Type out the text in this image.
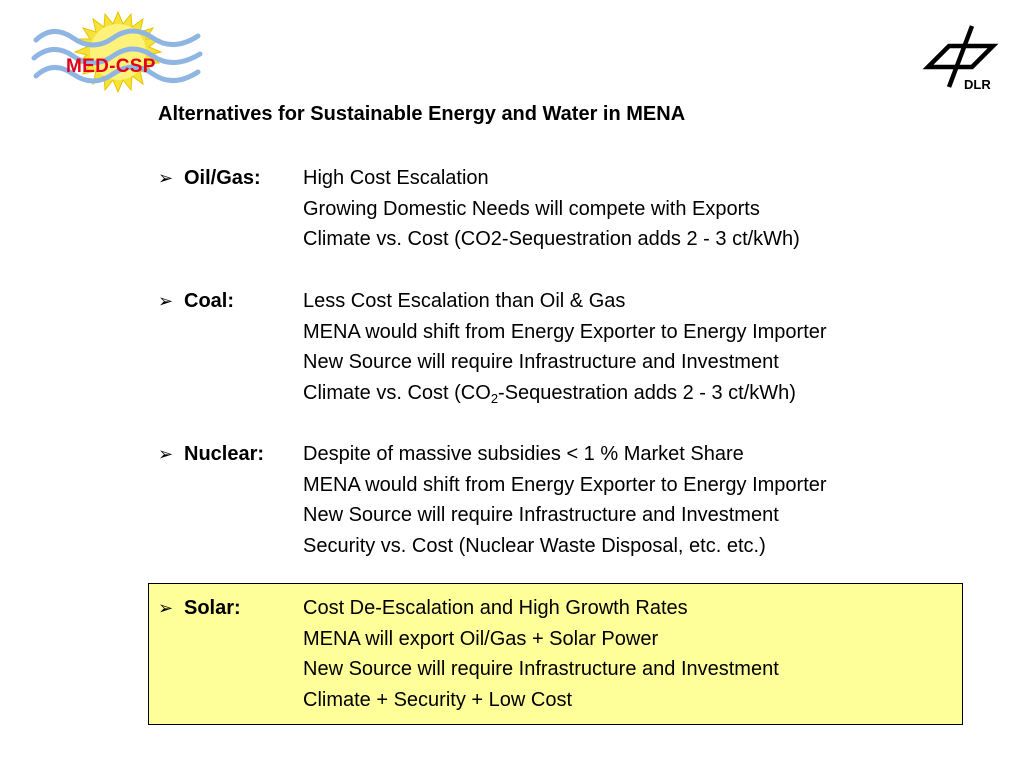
MED-CSP
DLR
Alternatives for Sustainable Energy and Water in MENA
➢ Oil/Gas: High Cost Escalation
Growing Domestic Needs will compete with Exports
Climate vs. Cost (CO2-Sequestration adds 2 - 3 ct/kWh)
➢ Coal:	Less Cost Escalation than Oil & Gas
MENA would shift from Energy Exporter to Energy Importer
New Source will require Infrastructure and Investment
Climate vs. Cost ($CO_2$-Sequestration adds 2 - 3 ct/kWh)
➢ Nuclear: Despite of massive subsidies < 1 % Market Share
MENA would shift from Energy Exporter to Energy Importer
New Source will require Infrastructure and Investment
Security vs. Cost (Nuclear Waste Disposal, etc. etc.)
➢ Solar:	Cost De-Escalation and High Growth Rates
MENA will export Oil/Gas + Solar Power
New Source will require Infrastructure and Investment
Climate + Security + Low Cost
